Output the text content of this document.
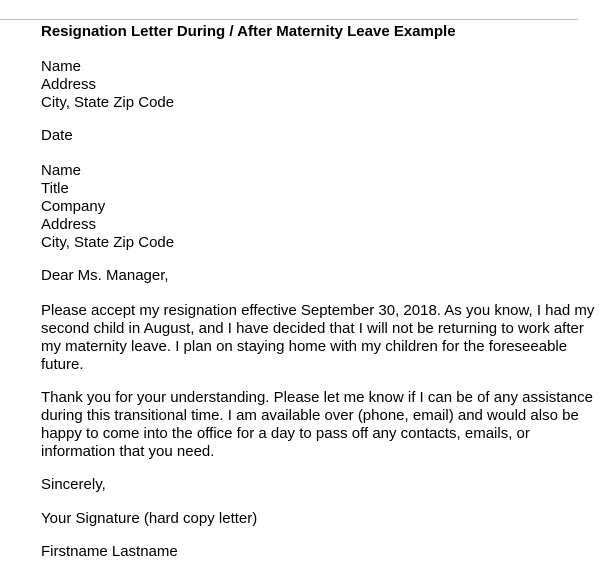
Resignation Letter During / After Maternity Leave Example
Name
Address
City, State Zip Code
Date
Name
Title
Company
Address
City, State Zip Code
Dear Ms. Manager,
Please accept my resignation effective September 30, 2018. As you know, I had my
second child in August, and I have decided that I will not be returning to work after
my maternity leave. I plan on staying home with my children for the foreseeable
future.
Thank you for your understanding. Please let me know if I can be of any assistance
during this transitional time. I am available over (phone, email) and would also be
happy to come into the office for a day to pass off any contacts, emails, or
information that you need.
Sincerely,
Your Signature (hard copy letter)
Firstname Lastname
